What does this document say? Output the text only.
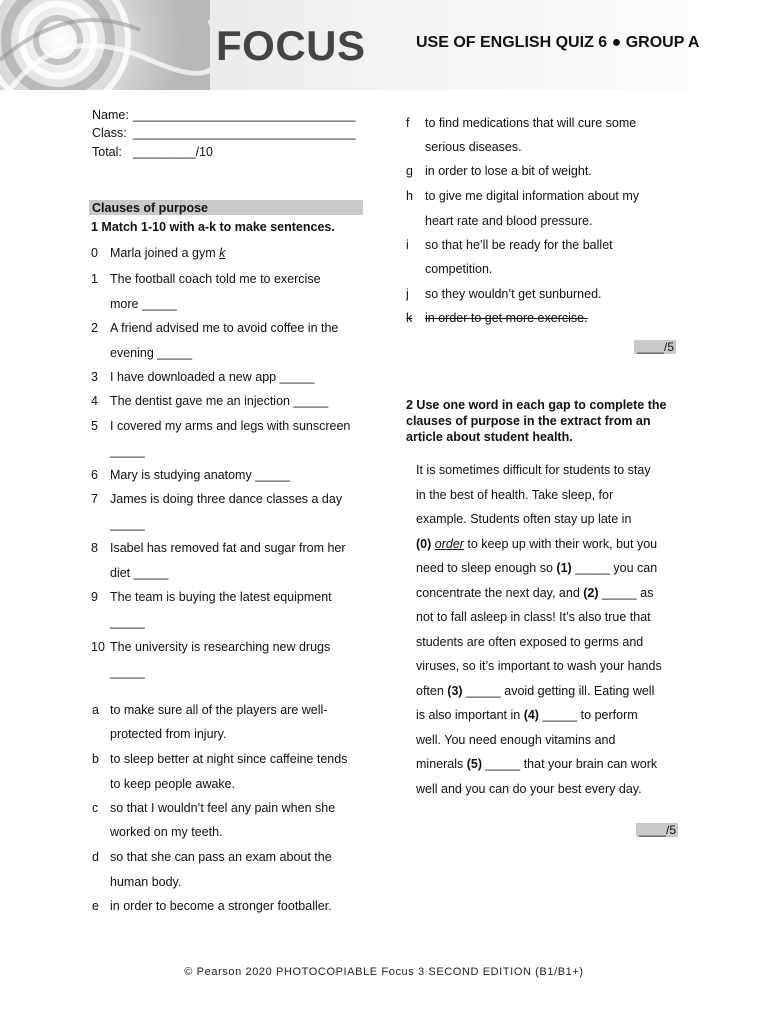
FOCUS	USE OF ENGLISH QUIZ 6 ● GROUP A
Name: ________________________________
Class: ________________________________
Total: _________/10
Clauses of purpose
1 Match 1-10 with a-k to make sentences.
0 Marla joined a gym k
1 The football coach told me to exercise
more _____
2 A friend advised me to avoid coffee in the
evening _____
3 I have downloaded a new app _____
4 The dentist gave me an injection _____
5 I covered my arms and legs with sunscreen
_____
6 Mary is studying anatomy _____
7 James is doing three dance classes a day
_____
8 Isabel has removed fat and sugar from her
diet _____
9 The team is buying the latest equipment
_____
10 The university is researching new drugs
_____
a to make sure all of the players are well-
protected from injury.
b to sleep better at night since caffeine tends
to keep people awake.
c so that I wouldn’t feel any pain when she
worked on my teeth.
d so that she can pass an exam about the
human body.
e in order to become a stronger footballer.
f to find medications that will cure some
serious diseases.
g in order to lose a bit of weight.
h to give me digital information about my
heart rate and blood pressure.
i so that he’ll be ready for the ballet
competition.
j so they wouldn’t get sunburned.
k in order to get more exercise.
____/5
2 Use one word in each gap to complete the
clauses of purpose in the extract from an
article about student health.
It is sometimes difficult for students to stay
in the best of health. Take sleep, for
example. Students often stay up late in
(0) order to keep up with their work, but you
need to sleep enough so (1) _____ you can
concentrate the next day, and (2) _____ as
not to fall asleep in class! It’s also true that
students are often exposed to germs and
viruses, so it’s important to wash your hands
often (3) _____ avoid getting ill. Eating well
is also important in (4) _____ to perform
well. You need enough vitamins and
minerals (5) _____ that your brain can work
well and you can do your best every day.
____/5
© Pearson 2020 PHOTOCOPIABLE Focus 3 SECOND EDITION (B1/B1+)
